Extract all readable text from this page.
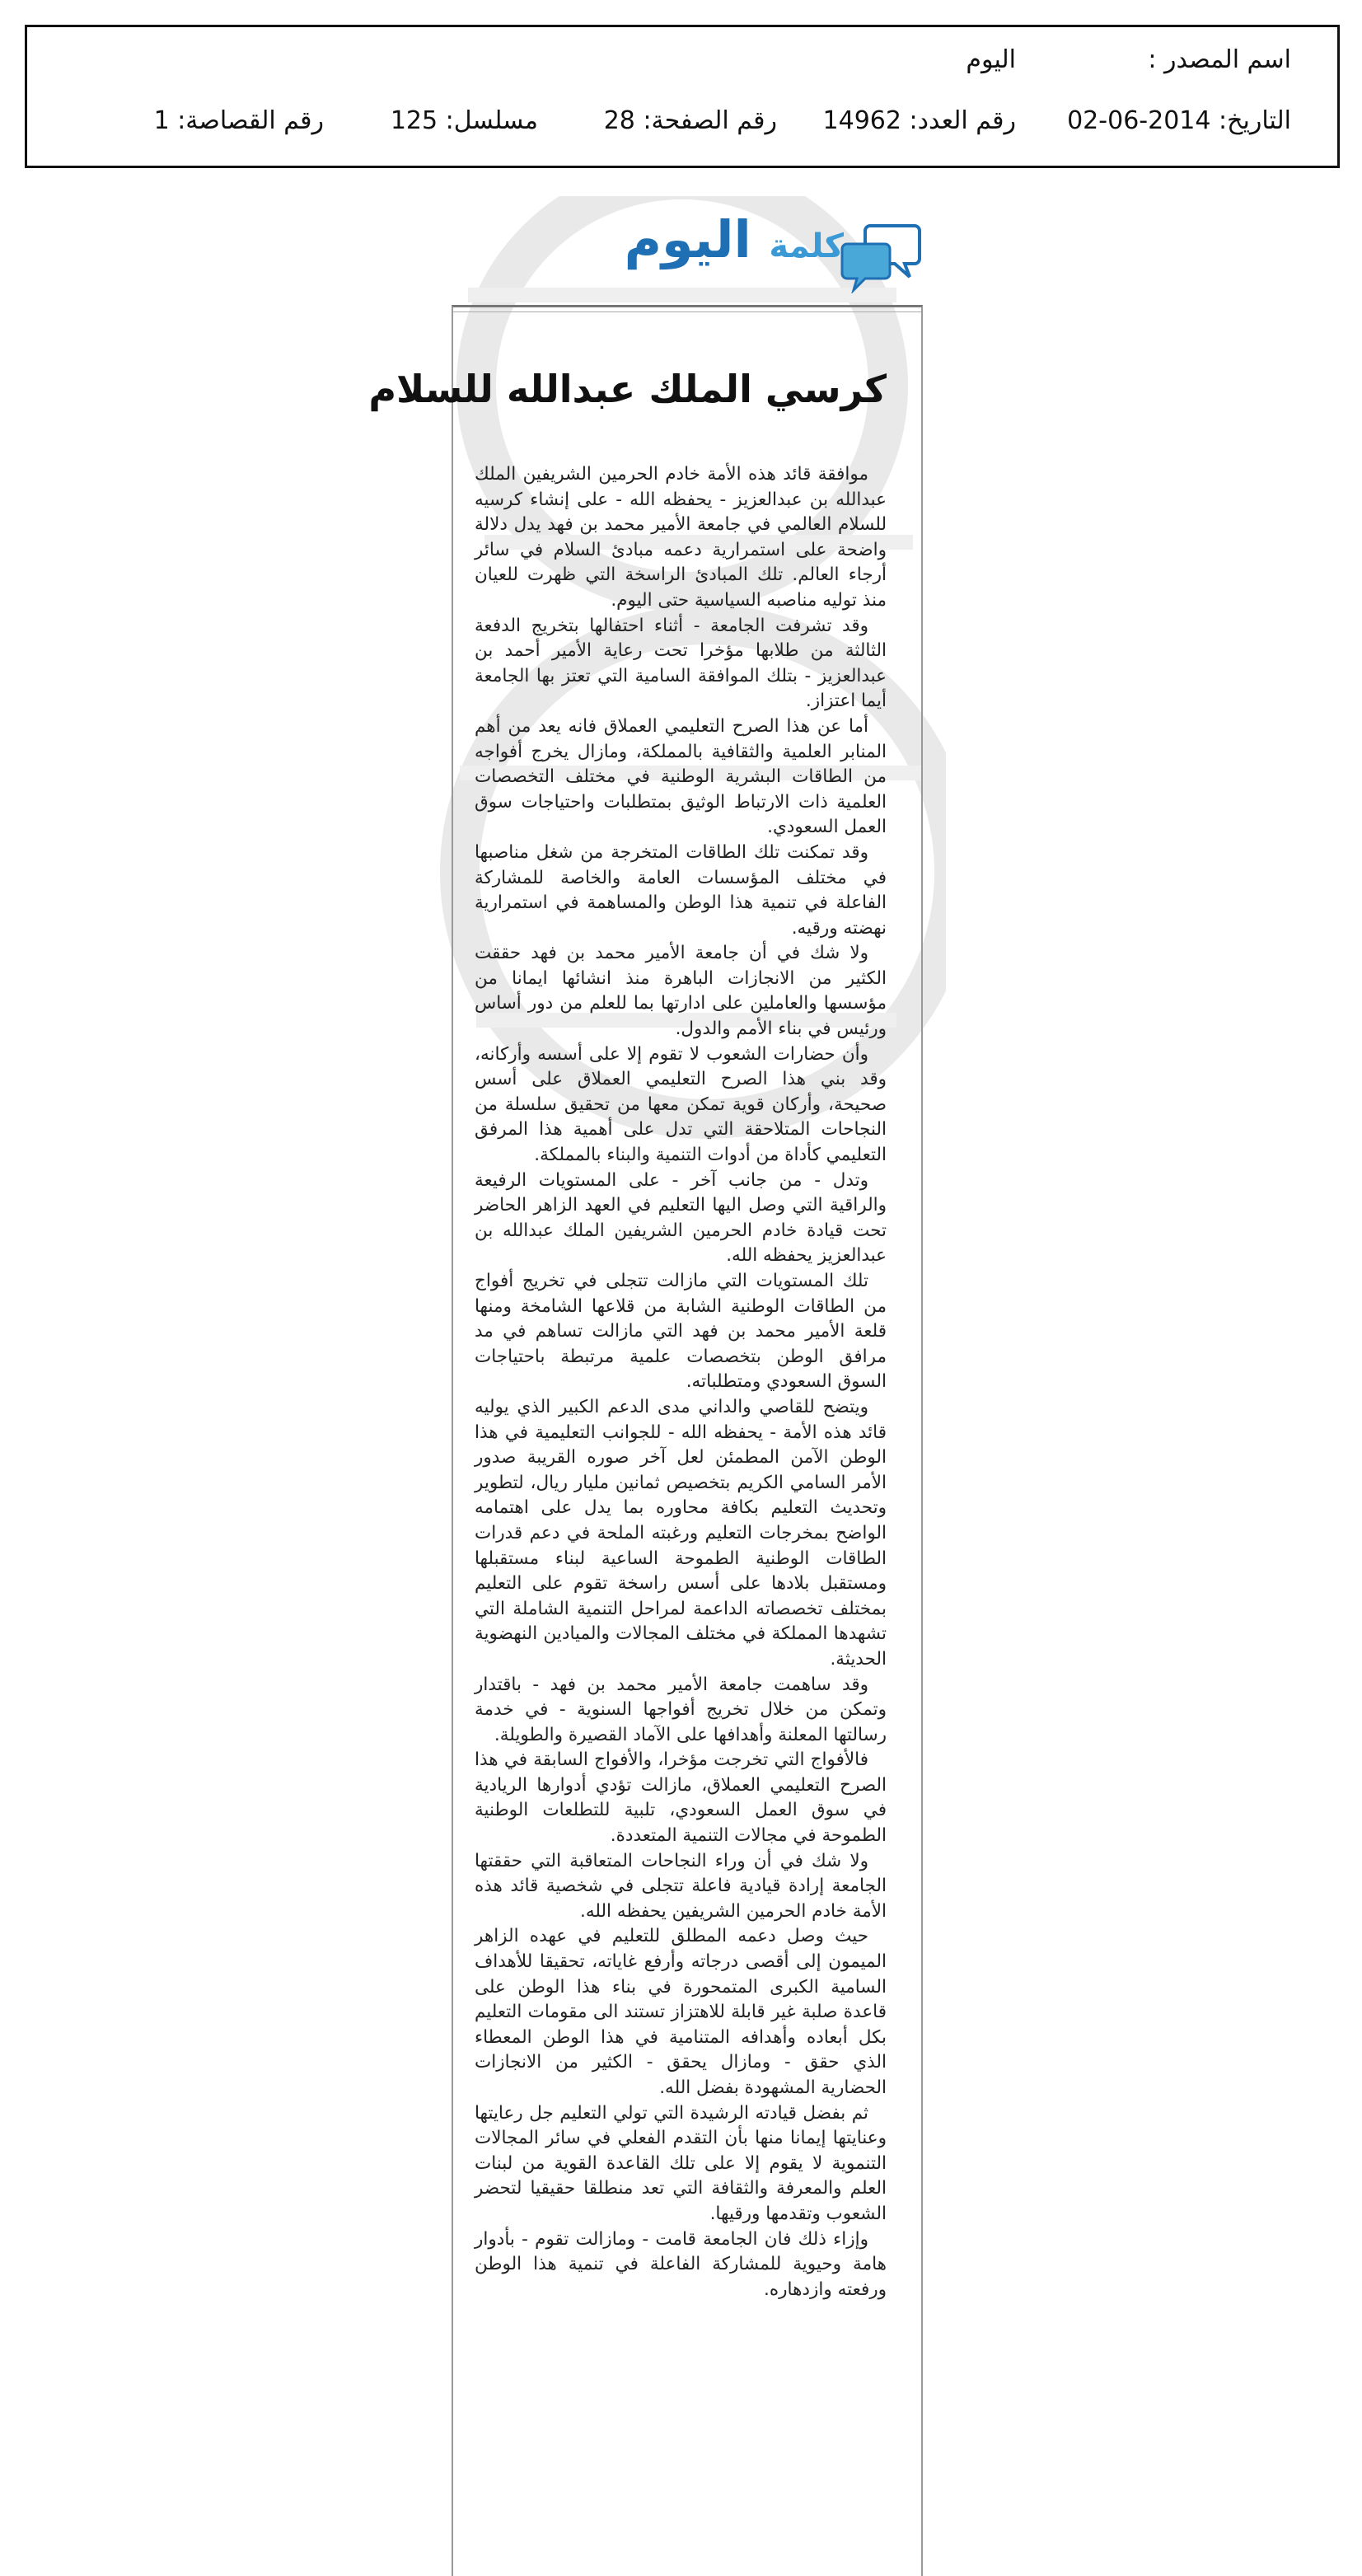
اسم المصدر :
اليوم
التاريخ: 2014-06-02
رقم العدد: 14962
رقم الصفحة: 28
مسلسل: 125
رقم القصاصة: 1
كلمة اليوم
كرسي الملك عبدالله للسلام

موافقة قائد هذه الأمة خادم الحرمين الشريفين الملك عبدالله بن عبدالعزيز - يحفظه الله - على إنشاء كرسيه للسلام العالمي في جامعة الأمير محمد بن فهد يدل دلالة واضحة على استمرارية دعمه مبادئ السلام في سائر أرجاء العالم. تلك المبادئ الراسخة التي ظهرت للعيان منذ توليه مناصبه السياسية حتى اليوم.

وقد تشرفت الجامعة - أثناء احتفالها بتخريج الدفعة الثالثة من طلابها مؤخرا تحت رعاية الأمير أحمد بن عبدالعزيز - بتلك الموافقة السامية التي تعتز بها الجامعة أيما اعتزاز.

أما عن هذا الصرح التعليمي العملاق فانه يعد من أهم المنابر العلمية والثقافية بالمملكة، ومازال يخرج أفواجه من الطاقات البشرية الوطنية في مختلف التخصصات العلمية ذات الارتباط الوثيق بمتطلبات واحتياجات سوق العمل السعودي.

وقد تمكنت تلك الطاقات المتخرجة من شغل مناصبها في مختلف المؤسسات العامة والخاصة للمشاركة الفاعلة في تنمية هذا الوطن والمساهمة في استمرارية نهضته ورقيه.

ولا شك في أن جامعة الأمير محمد بن فهد حققت الكثير من الانجازات الباهرة منذ انشائها ايمانا من مؤسسها والعاملين على ادارتها بما للعلم من دور أساس ورئيس في بناء الأمم والدول.

وأن حضارات الشعوب لا تقوم إلا على أسسه وأركانه، وقد بني هذا الصرح التعليمي العملاق على أسس صحيحة، وأركان قوية تمكن معها من تحقيق سلسلة من النجاحات المتلاحقة التي تدل على أهمية هذا المرفق التعليمي كأداة من أدوات التنمية والبناء بالمملكة.

وتدل - من جانب آخر - على المستويات الرفيعة والراقية التي وصل اليها التعليم في العهد الزاهر الحاضر تحت قيادة خادم الحرمين الشريفين الملك عبدالله بن عبدالعزيز يحفظه الله.

تلك المستويات التي مازالت تتجلى في تخريج أفواج من الطاقات الوطنية الشابة من قلاعها الشامخة ومنها قلعة الأمير محمد بن فهد التي مازالت تساهم في مد مرافق الوطن بتخصصات علمية مرتبطة باحتياجات السوق السعودي ومتطلباته.

ويتضح للقاصي والداني مدى الدعم الكبير الذي يوليه قائد هذه الأمة - يحفظه الله - للجوانب التعليمية في هذا الوطن الآمن المطمئن لعل آخر صوره القريبة صدور الأمر السامي الكريم بتخصيص ثمانين مليار ريال، لتطوير وتحديث التعليم بكافة محاوره بما يدل على اهتمامه الواضح بمخرجات التعليم ورغبته الملحة في دعم قدرات الطاقات الوطنية الطموحة الساعية لبناء مستقبلها ومستقبل بلادها على أسس راسخة تقوم على التعليم بمختلف تخصصاته الداعمة لمراحل التنمية الشاملة التي تشهدها المملكة في مختلف المجالات والميادين النهضوية الحديثة.

وقد ساهمت جامعة الأمير محمد بن فهد - باقتدار وتمكن من خلال تخريج أفواجها السنوية - في خدمة رسالتها المعلنة وأهدافها على الآماد القصيرة والطويلة.

فالأفواج التي تخرجت مؤخرا، والأفواج السابقة في هذا الصرح التعليمي العملاق، مازالت تؤدي أدوارها الريادية في سوق العمل السعودي، تلبية للتطلعات الوطنية الطموحة في مجالات التنمية المتعددة.

ولا شك في أن وراء النجاحات المتعاقبة التي حققتها الجامعة إرادة قيادية فاعلة تتجلى في شخصية قائد هذه الأمة خادم الحرمين الشريفين يحفظه الله.

حيث وصل دعمه المطلق للتعليم في عهده الزاهر الميمون إلى أقصى درجاته وأرفع غاياته، تحقيقا للأهداف السامية الكبرى المتمحورة في بناء هذا الوطن على قاعدة صلبة غير قابلة للاهتزاز تستند الى مقومات التعليم بكل أبعاده وأهدافه المتنامية في هذا الوطن المعطاء الذي حقق - ومازال يحقق - الكثير من الانجازات الحضارية المشهودة بفضل الله.

ثم بفضل قيادته الرشيدة التي تولي التعليم جل رعايتها وعنايتها إيمانا منها بأن التقدم الفعلي في سائر المجالات التنموية لا يقوم إلا على تلك القاعدة القوية من لبنات العلم والمعرفة والثقافة التي تعد منطلقا حقيقيا لتحضر الشعوب وتقدمها ورقيها.

وإزاء ذلك فان الجامعة قامت - ومازالت تقوم - بأدوار هامة وحيوية للمشاركة الفاعلة في تنمية هذا الوطن ورفعته وازدهاره.
